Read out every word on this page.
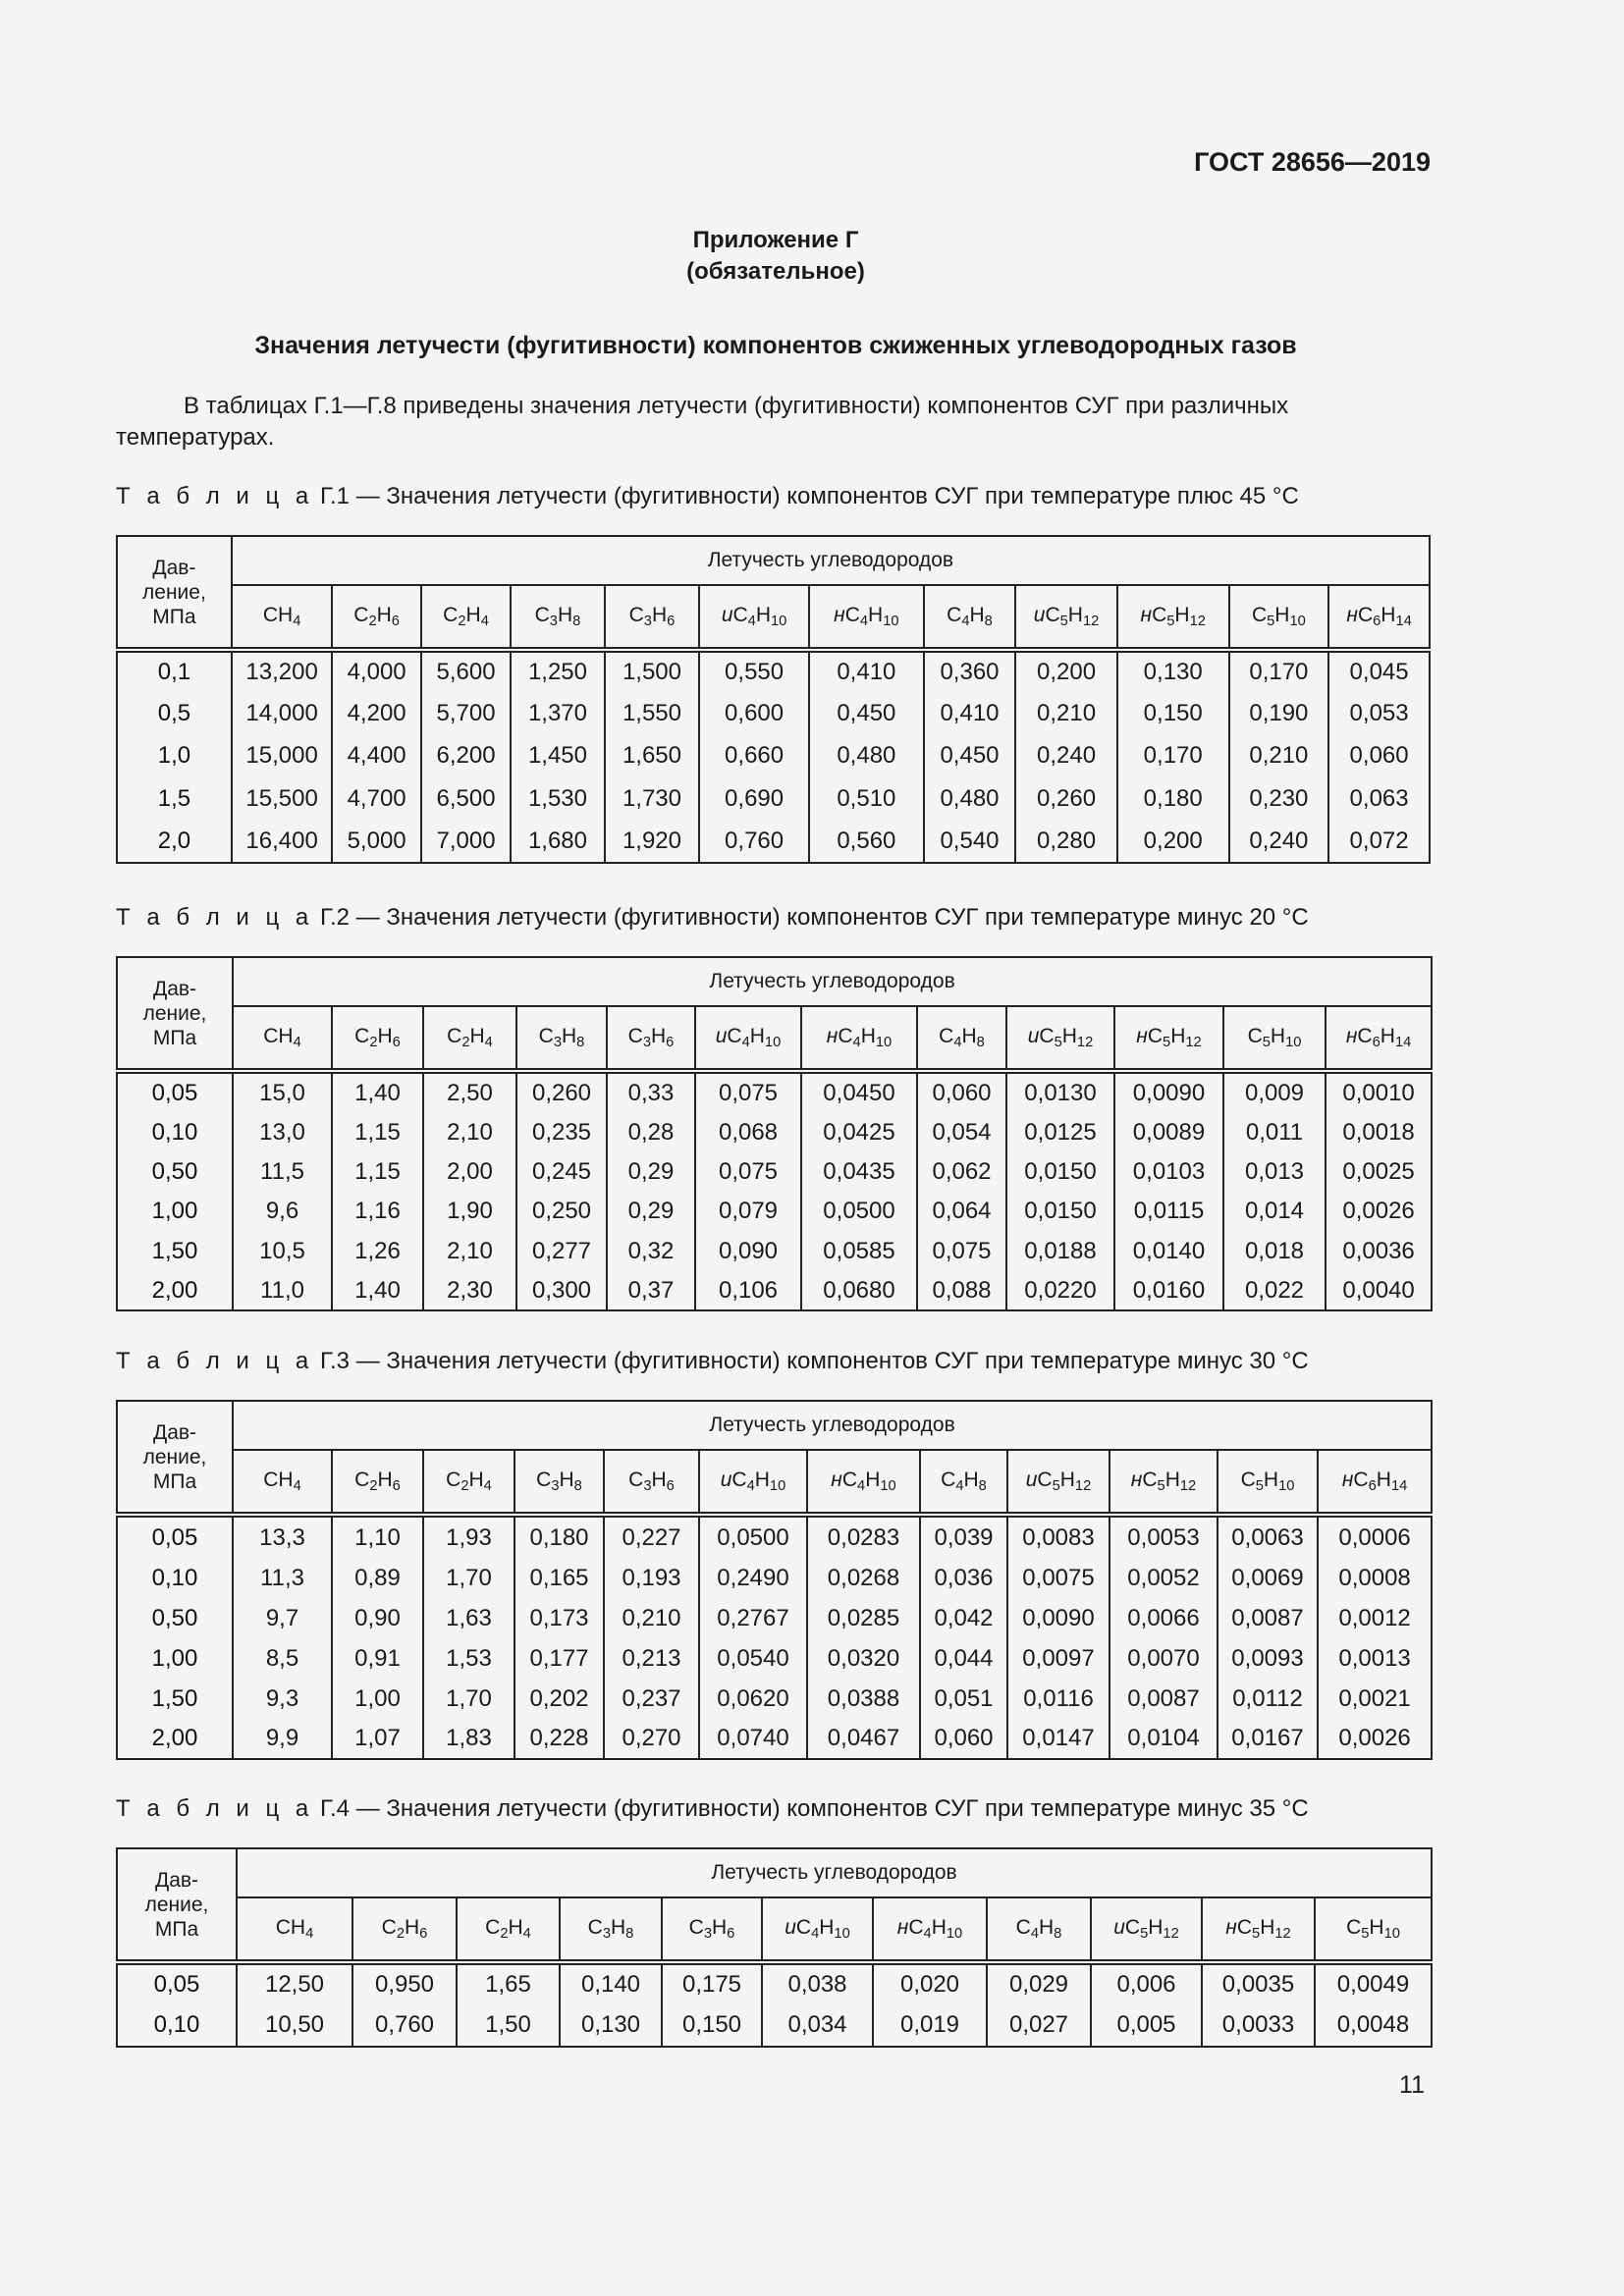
ГОСТ 28656—2019
Приложение Г
(обязательное)
Значения летучести (фугитивности) компонентов сжиженных углеводородных газов
В таблицах Г.1—Г.8 приведены значения летучести (фугитивности) компонентов СУГ при различных температурах.
Т а б л и ц а Г.1 — Значения летучести (фугитивности) компонентов СУГ при температуре плюс 45 °С
Дав-
ление,
МПа	Летучесть углеводородов											
	$CH_4$	$C_2H_6$	$C_2H_4$	$C_3H_8$	$C_3H_6$	$иC_4H_{10}$	$нC_4H_{10}$	$C_4H_8$	$иC_5H_{12}$	$нC_5H_{12}$	$C_5H_{10}$	$нC_6H_{14}$
0,1	13,200	4,000	5,600	1,250	1,500	0,550	0,410	0,360	0,200	0,130	0,170	0,045
0,5	14,000	4,200	5,700	1,370	1,550	0,600	0,450	0,410	0,210	0,150	0,190	0,053
1,0	15,000	4,400	6,200	1,450	1,650	0,660	0,480	0,450	0,240	0,170	0,210	0,060
1,5	15,500	4,700	6,500	1,530	1,730	0,690	0,510	0,480	0,260	0,180	0,230	0,063
2,0	16,400	5,000	7,000	1,680	1,920	0,760	0,560	0,540	0,280	0,200	0,240	0,072
Т а б л и ц а Г.2 — Значения летучести (фугитивности) компонентов СУГ при температуре минус 20 °С
Дав-
ление,
МПа	Летучесть углеводородов											
	$CH_4$	$C_2H_6$	$C_2H_4$	$C_3H_8$	$C_3H_6$	$иC_4H_{10}$	$нC_4H_{10}$	$C_4H_8$	$иC_5H_{12}$	$нC_5H_{12}$	$C_5H_{10}$	$нC_6H_{14}$
0,05	15,0	1,40	2,50	0,260	0,33	0,075	0,0450	0,060	0,0130	0,0090	0,009	0,0010
0,10	13,0	1,15	2,10	0,235	0,28	0,068	0,0425	0,054	0,0125	0,0089	0,011	0,0018
0,50	11,5	1,15	2,00	0,245	0,29	0,075	0,0435	0,062	0,0150	0,0103	0,013	0,0025
1,00	9,6	1,16	1,90	0,250	0,29	0,079	0,0500	0,064	0,0150	0,0115	0,014	0,0026
1,50	10,5	1,26	2,10	0,277	0,32	0,090	0,0585	0,075	0,0188	0,0140	0,018	0,0036
2,00	11,0	1,40	2,30	0,300	0,37	0,106	0,0680	0,088	0,0220	0,0160	0,022	0,0040
Т а б л и ц а Г.3 — Значения летучести (фугитивности) компонентов СУГ при температуре минус 30 °С
Дав-
ление,
МПа	Летучесть углеводородов											
	$CH_4$	$C_2H_6$	$C_2H_4$	$C_3H_8$	$C_3H_6$	$иC_4H_{10}$	$нC_4H_{10}$	$C_4H_8$	$иC_5H_{12}$	$нC_5H_{12}$	$C_5H_{10}$	$нC_6H_{14}$
0,05	13,3	1,10	1,93	0,180	0,227	0,0500	0,0283	0,039	0,0083	0,0053	0,0063	0,0006
0,10	11,3	0,89	1,70	0,165	0,193	0,2490	0,0268	0,036	0,0075	0,0052	0,0069	0,0008
0,50	9,7	0,90	1,63	0,173	0,210	0,2767	0,0285	0,042	0,0090	0,0066	0,0087	0,0012
1,00	8,5	0,91	1,53	0,177	0,213	0,0540	0,0320	0,044	0,0097	0,0070	0,0093	0,0013
1,50	9,3	1,00	1,70	0,202	0,237	0,0620	0,0388	0,051	0,0116	0,0087	0,0112	0,0021
2,00	9,9	1,07	1,83	0,228	0,270	0,0740	0,0467	0,060	0,0147	0,0104	0,0167	0,0026
Т а б л и ц а Г.4 — Значения летучести (фугитивности) компонентов СУГ при температуре минус 35 °С
Дав-
ление,
МПа	Летучесть углеводородов										
	$CH_4$	$C_2H_6$	$C_2H_4$	$C_3H_8$	$C_3H_6$	$иC_4H_{10}$	$нC_4H_{10}$	$C_4H_8$	$иC_5H_{12}$	$нC_5H_{12}$	$C_5H_{10}$
0,05	12,50	0,950	1,65	0,140	0,175	0,038	0,020	0,029	0,006	0,0035	0,0049
0,10	10,50	0,760	1,50	0,130	0,150	0,034	0,019	0,027	0,005	0,0033	0,0048
11
